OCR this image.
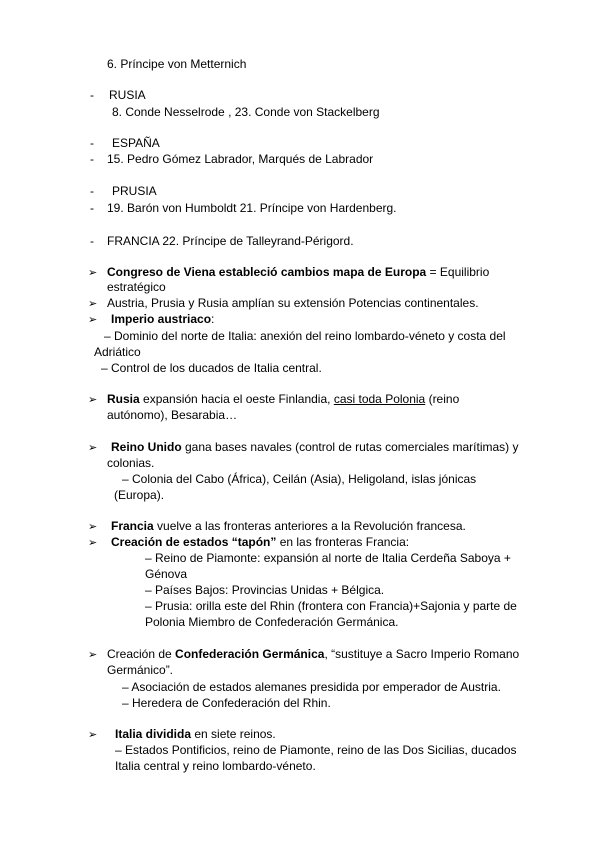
6. Príncipe von Metternich
- RUSIA
8. Conde Nesselrode , 23. Conde von Stackelberg
- ESPAÑA
- 15. Pedro Gómez Labrador, Marqués de Labrador
- PRUSIA
- 19. Barón von Humboldt 21. Príncipe von Hardenberg.
- FRANCIA 22. Príncipe de Talleyrand-Périgord.
➢ Congreso de Viena estableció cambios mapa de Europa = Equilibrio
estratégico
➢ Austria, Prusia y Rusia amplían su extensión Potencias continentales.
➢ Imperio austriaco:
– Dominio del norte de Italia: anexión del reino lombardo-véneto y costa del
Adriático
– Control de los ducados de Italia central.
➢ Rusia expansión hacia el oeste Finlandia, casi toda Polonia (reino
autónomo), Besarabia…
➢ Reino Unido gana bases navales (control de rutas comerciales marítimas) y
colonias.
– Colonia del Cabo (África), Ceilán (Asia), Heligoland, islas jónicas
(Europa).
➢ Francia vuelve a las fronteras anteriores a la Revolución francesa.
➢ Creación de estados “tapón” en las fronteras Francia:
– Reino de Piamonte: expansión al norte de Italia Cerdeña Saboya +
Génova
– Países Bajos: Provincias Unidas + Bélgica.
– Prusia: orilla este del Rhin (frontera con Francia)+Sajonia y parte de
Polonia Miembro de Confederación Germánica.
➢ Creación de Confederación Germánica, “sustituye a Sacro Imperio Romano
Germánico”.
– Asociación de estados alemanes presidida por emperador de Austria.
– Heredera de Confederación del Rhin.
➢ Italia dividida en siete reinos.
– Estados Pontificios, reino de Piamonte, reino de las Dos Sicilias, ducados
Italia central y reino lombardo-véneto.
